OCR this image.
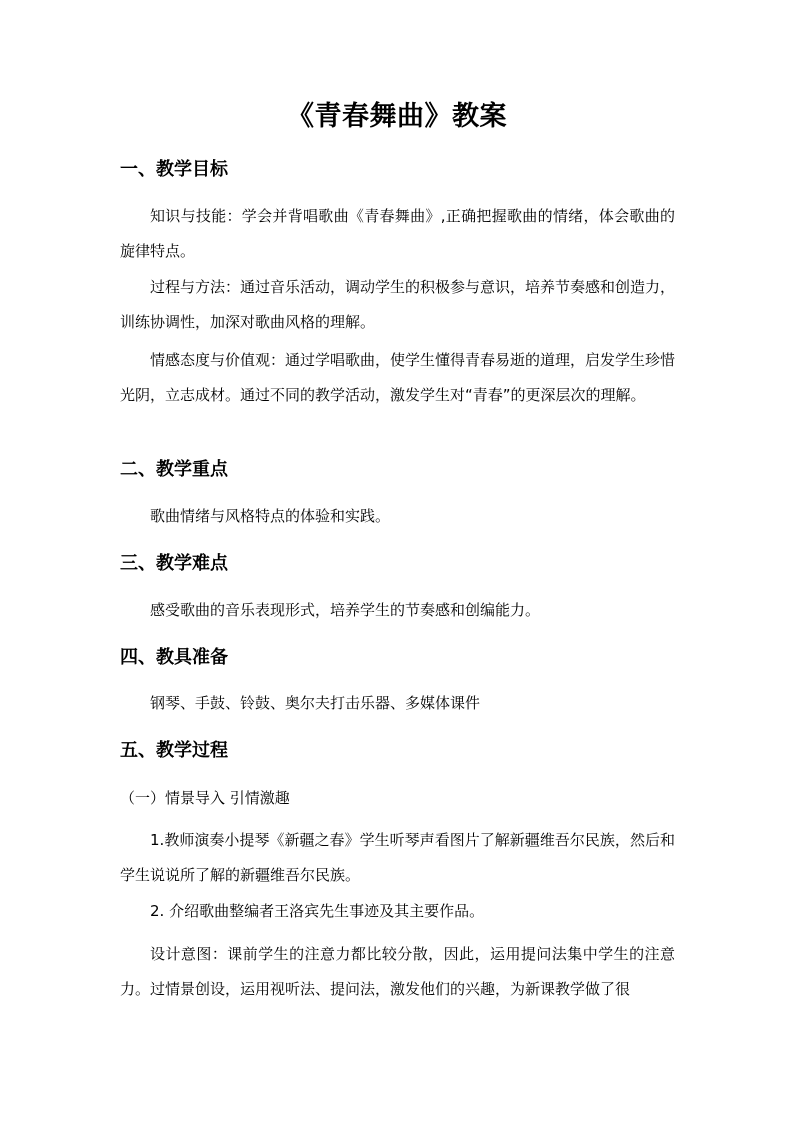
《青春舞曲》教案
一、教学目标

知识与技能：学会并背唱歌曲《青春舞曲》,正确把握歌曲的情绪，体会歌曲的旋律特点。

过程与方法：通过音乐活动，调动学生的积极参与意识，培养节奏感和创造力，训练协调性，加深对歌曲风格的理解。

情感态度与价值观：通过学唱歌曲，使学生懂得青春易逝的道理，启发学生珍惜光阴，立志成材。通过不同的教学活动，激发学生对“青春”的更深层次的理解。

二、教学重点

歌曲情绪与风格特点的体验和实践。

三、教学难点

感受歌曲的音乐表现形式，培养学生的节奏感和创编能力。

四、教具准备

钢琴、手鼓、铃鼓、奥尔夫打击乐器、多媒体课件

五、教学过程
（一）情景导入 引情激趣

1.教师演奏小提琴《新疆之春》学生听琴声看图片了解新疆维吾尔民族，然后和学生说说所了解的新疆维吾尔民族。

2. 介绍歌曲整编者王洛宾先生事迹及其主要作品。

设计意图：课前学生的注意力都比较分散，因此，运用提问法集中学生的注意力。过情景创设，运用视听法、提问法，激发他们的兴趣，为新课教学做了很
